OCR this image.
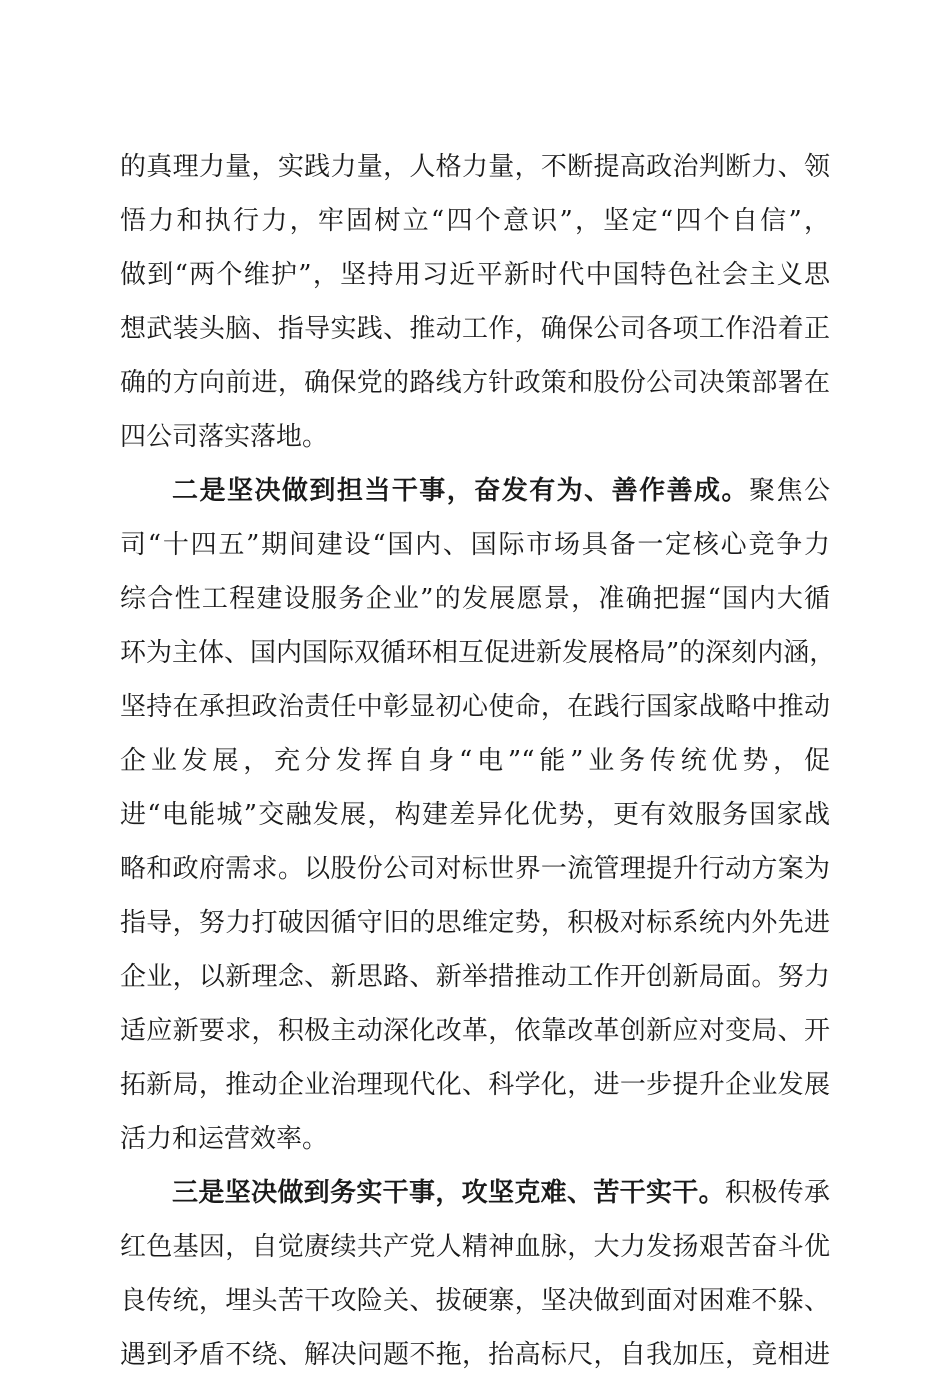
的真理力量，实践力量，人格力量，不断提高政治判断力、领
悟力和执行力，牢固树立“四个意识”，坚定“四个自信”，
做到“两个维护”，坚持用习近平新时代中国特色社会主义思
想武装头脑、指导实践、推动工作，确保公司各项工作沿着正
确的方向前进，确保党的路线方针政策和股份公司决策部署在
四公司落实落地。
二是坚决做到担当干事，奋发有为、善作善成。聚焦公
司“十四五”期间建设“国内、国际市场具备一定核心竞争力
综合性工程建设服务企业”的发展愿景，准确把握“国内大循
环为主体、国内国际双循环相互促进新发展格局”的深刻内涵，
坚持在承担政治责任中彰显初心使命，在践行国家战略中推动
企业发展，充分发挥自身“电”“能”业务传统优势，促
进“电能城”交融发展，构建差异化优势，更有效服务国家战
略和政府需求。以股份公司对标世界一流管理提升行动方案为
指导，努力打破因循守旧的思维定势，积极对标系统内外先进
企业，以新理念、新思路、新举措推动工作开创新局面。努力
适应新要求，积极主动深化改革，依靠改革创新应对变局、开
拓新局，推动企业治理现代化、科学化，进一步提升企业发展
活力和运营效率。
三是坚决做到务实干事，攻坚克难、苦干实干。积极传承
红色基因，自觉赓续共产党人精神血脉，大力发扬艰苦奋斗优
良传统，埋头苦干攻险关、拔硬寨，坚决做到面对困难不躲、
遇到矛盾不绕、解决问题不拖，抬高标尺，自我加压，竟相进
